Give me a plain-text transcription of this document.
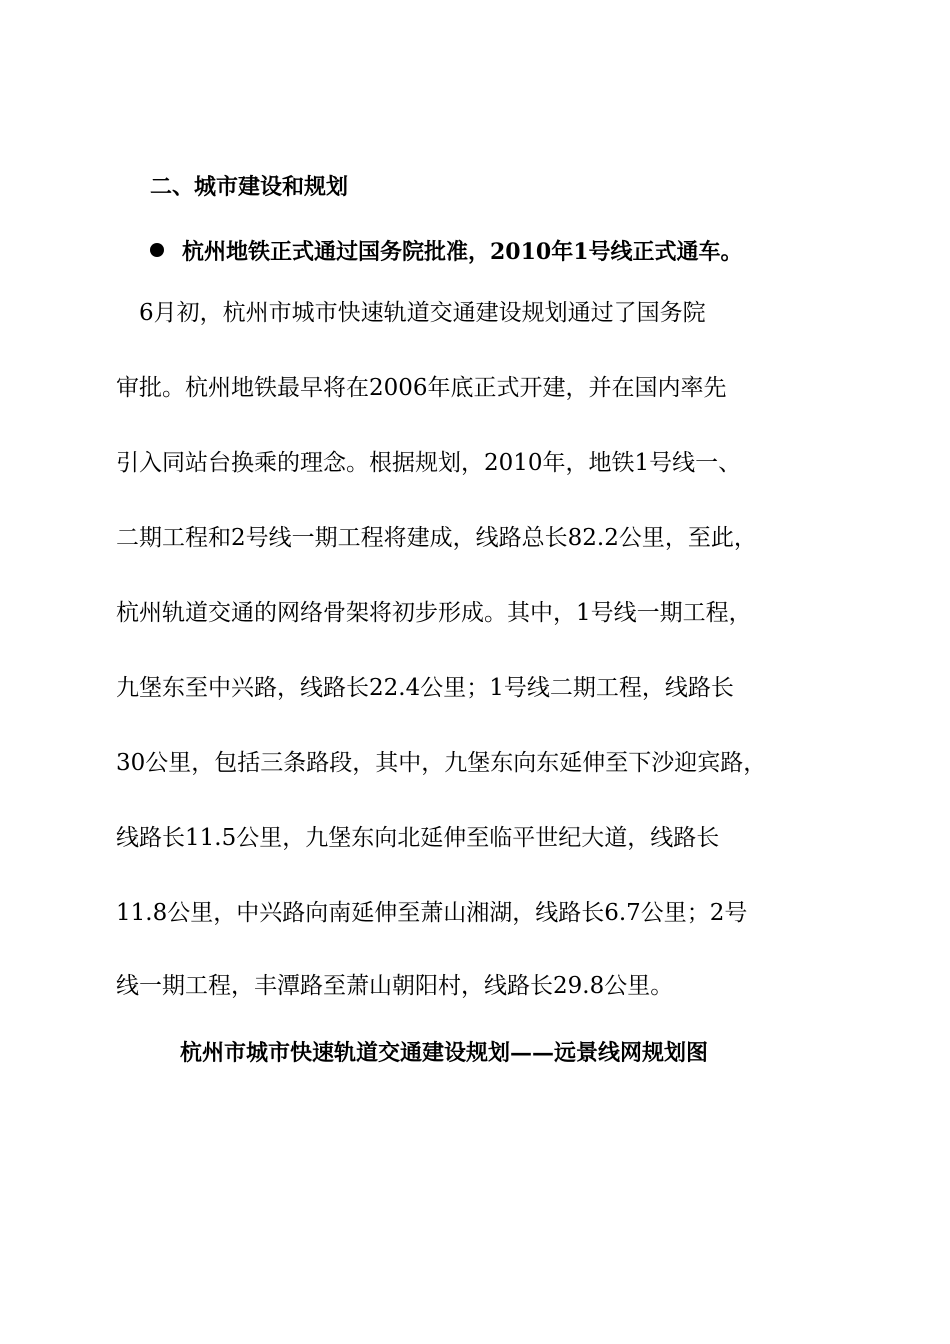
二、城市建设和规划
杭州地铁正式通过国务院批准，2010年1号线正式通车。
　6月初，杭州市城市快速轨道交通建设规划通过了国务院
审批。杭州地铁最早将在2006年底正式开建，并在国内率先
引入同站台换乘的理念。根据规划，2010年，地铁1号线一、
二期工程和2号线一期工程将建成，线路总长82.2公里，至此，
杭州轨道交通的网络骨架将初步形成。其中，1号线一期工程，
九堡东至中兴路，线路长22.4公里；1号线二期工程，线路长
30公里，包括三条路段，其中，九堡东向东延伸至下沙迎宾路，
线路长11.5公里，九堡东向北延伸至临平世纪大道，线路长
11.8公里，中兴路向南延伸至萧山湘湖，线路长6.7公里；2号
线一期工程，丰潭路至萧山朝阳村，线路长29.8公里。
杭州市城市快速轨道交通建设规划——远景线网规划图
